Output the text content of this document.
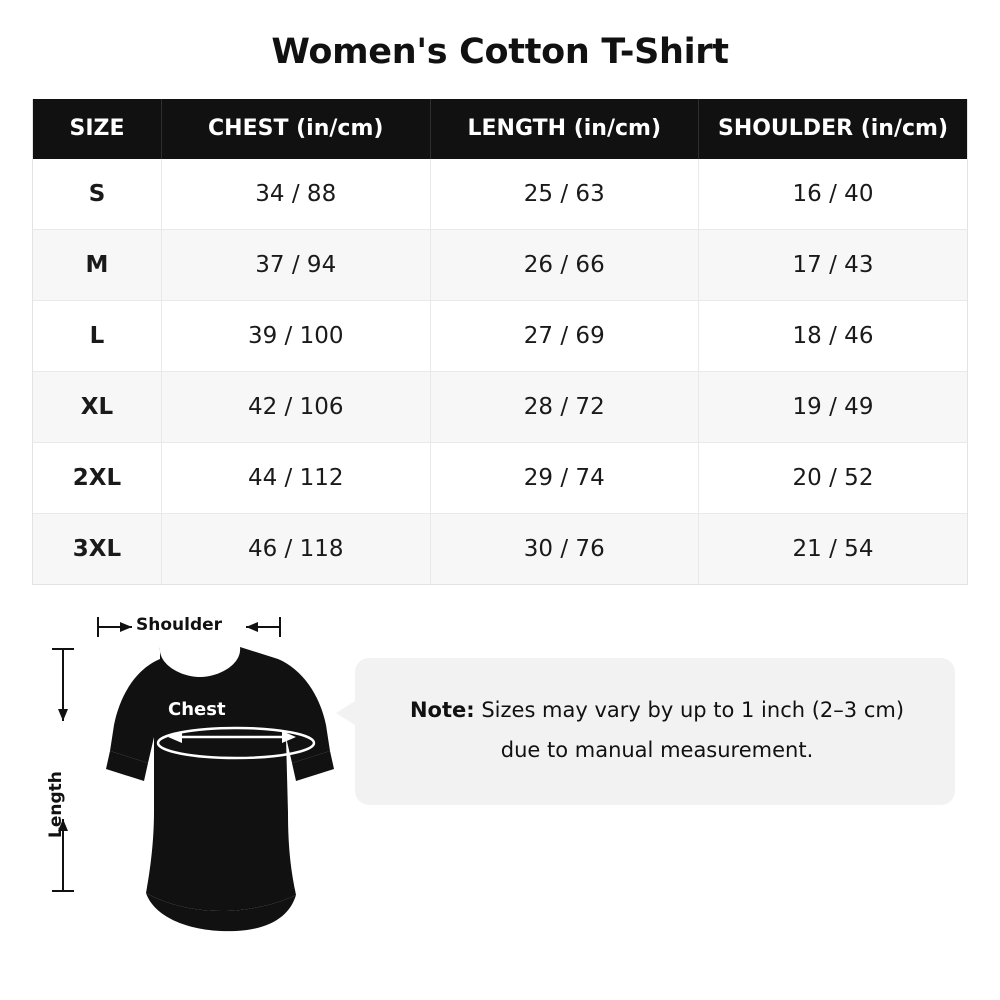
Women's Cotton T-Shirt
SIZE	CHEST (in/cm)	LENGTH (in/cm)	SHOULDER (in/cm)
S	34 / 88	25 / 63	16 / 40
M	37 / 94	26 / 66	17 / 43
L	39 / 100	27 / 69	18 / 46
XL	42 / 106	28 / 72	19 / 49
2XL	44 / 112	29 / 74	20 / 52
3XL	46 / 118	30 / 76	21 / 54
Shoulder
Length
Chest	Note: Sizes may vary by up to 1 inch (2–3 cm)
due to manual measurement.
